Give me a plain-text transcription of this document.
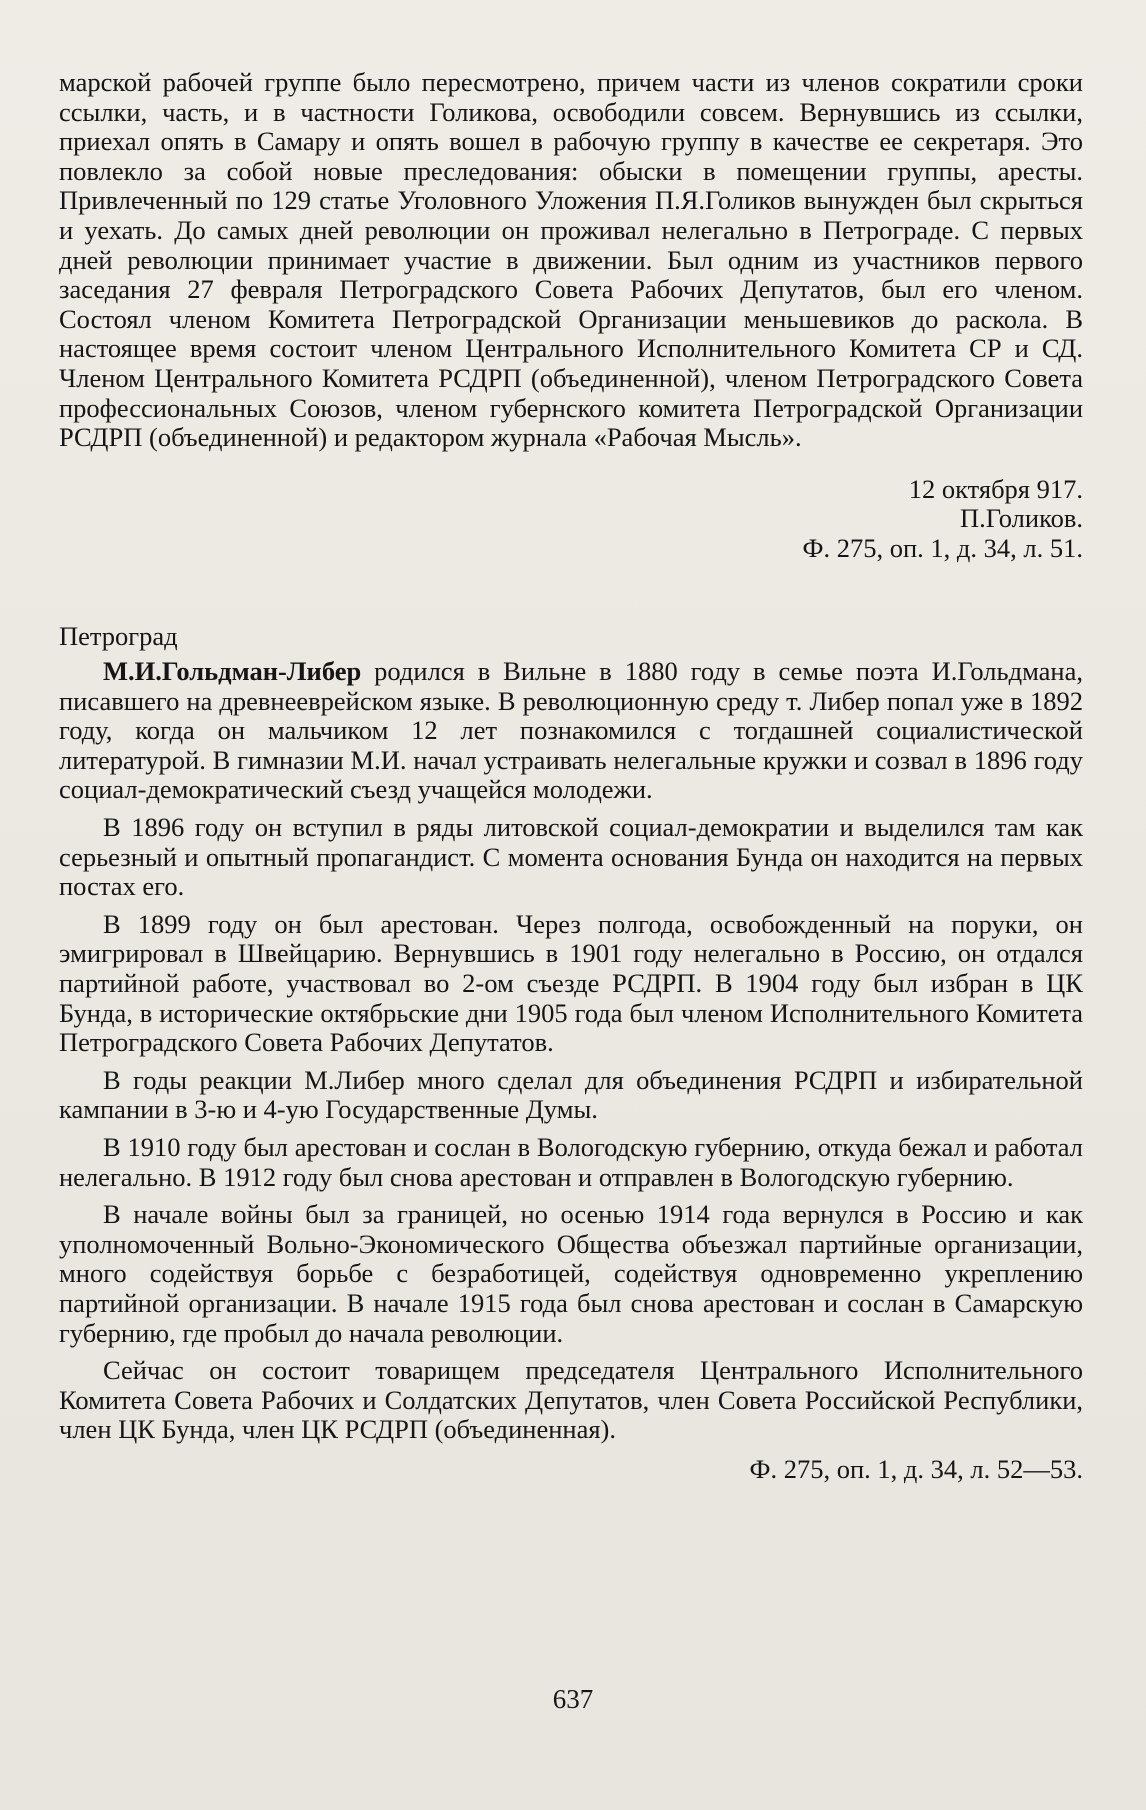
марской рабочей группе было пересмотрено, причем части из членов сократили сроки ссылки, часть, и в частности Голикова, освободили совсем. Вернувшись из ссылки, приехал опять в Самару и опять вошел в рабочую группу в качестве ее секретаря. Это повлекло за собой новые преследования: обыски в помещении группы, аресты. Привлеченный по 129 статье Уголовного Уложения П.Я.Голиков вынужден был скрыться и уехать. До самых дней революции он проживал нелегально в Петрограде. С первых дней революции принимает участие в движении. Был одним из участников первого заседания 27 февраля Петроградского Совета Рабочих Депутатов, был его членом. Состоял членом Комитета Петроградской Организации меньшевиков до раскола. В настоящее время состоит членом Центрального Исполнительного Комитета СР и СД. Членом Центрального Комитета РСДРП (объединенной), членом Петроградского Совета профессиональных Союзов, членом губернского комитета Петроградской Организации РСДРП (объединенной) и редактором журнала «Рабочая Мысль».

12 октября 917.

П.Голиков.

Ф. 275, оп. 1, д. 34, л. 51.

Петроград

М.И.Гольдман-Либер родился в Вильне в 1880 году в семье поэта И.Гольдмана, писавшего на древнееврейском языке. В революционную среду т. Либер попал уже в 1892 году, когда он мальчиком 12 лет познакомился с тогдашней социалистической литературой. В гимназии М.И. начал устраивать нелегальные кружки и созвал в 1896 году социал-демократический съезд учащейся молодежи.

В 1896 году он вступил в ряды литовской социал-демократии и выделился там как серьезный и опытный пропагандист. С момента основания Бунда он находится на первых постах его.

В 1899 году он был арестован. Через полгода, освобожденный на поруки, он эмигрировал в Швейцарию. Вернувшись в 1901 году нелегально в Россию, он отдался партийной работе, участвовал во 2-ом съезде РСДРП. В 1904 году был избран в ЦК Бунда, в исторические октябрьские дни 1905 года был членом Исполнительного Комитета Петроградского Совета Рабочих Депутатов.

В годы реакции М.Либер много сделал для объединения РСДРП и избирательной кампании в 3-ю и 4-ую Государственные Думы.

В 1910 году был арестован и сослан в Вологодскую губернию, откуда бежал и работал нелегально. В 1912 году был снова арестован и отправлен в Вологодскую губернию.

В начале войны был за границей, но осенью 1914 года вернулся в Россию и как уполномоченный Вольно-Экономического Общества объезжал партийные организации, много содействуя борьбе с безработицей, содействуя одновременно укреплению партийной организации. В начале 1915 года был снова арестован и сослан в Самарскую губернию, где пробыл до начала революции.

Сейчас он состоит товарищем председателя Центрального Исполнительного Комитета Совета Рабочих и Солдатских Депутатов, член Совета Российской Республики, член ЦК Бунда, член ЦК РСДРП (объединенная).

Ф. 275, оп. 1, д. 34, л. 52—53.

637
